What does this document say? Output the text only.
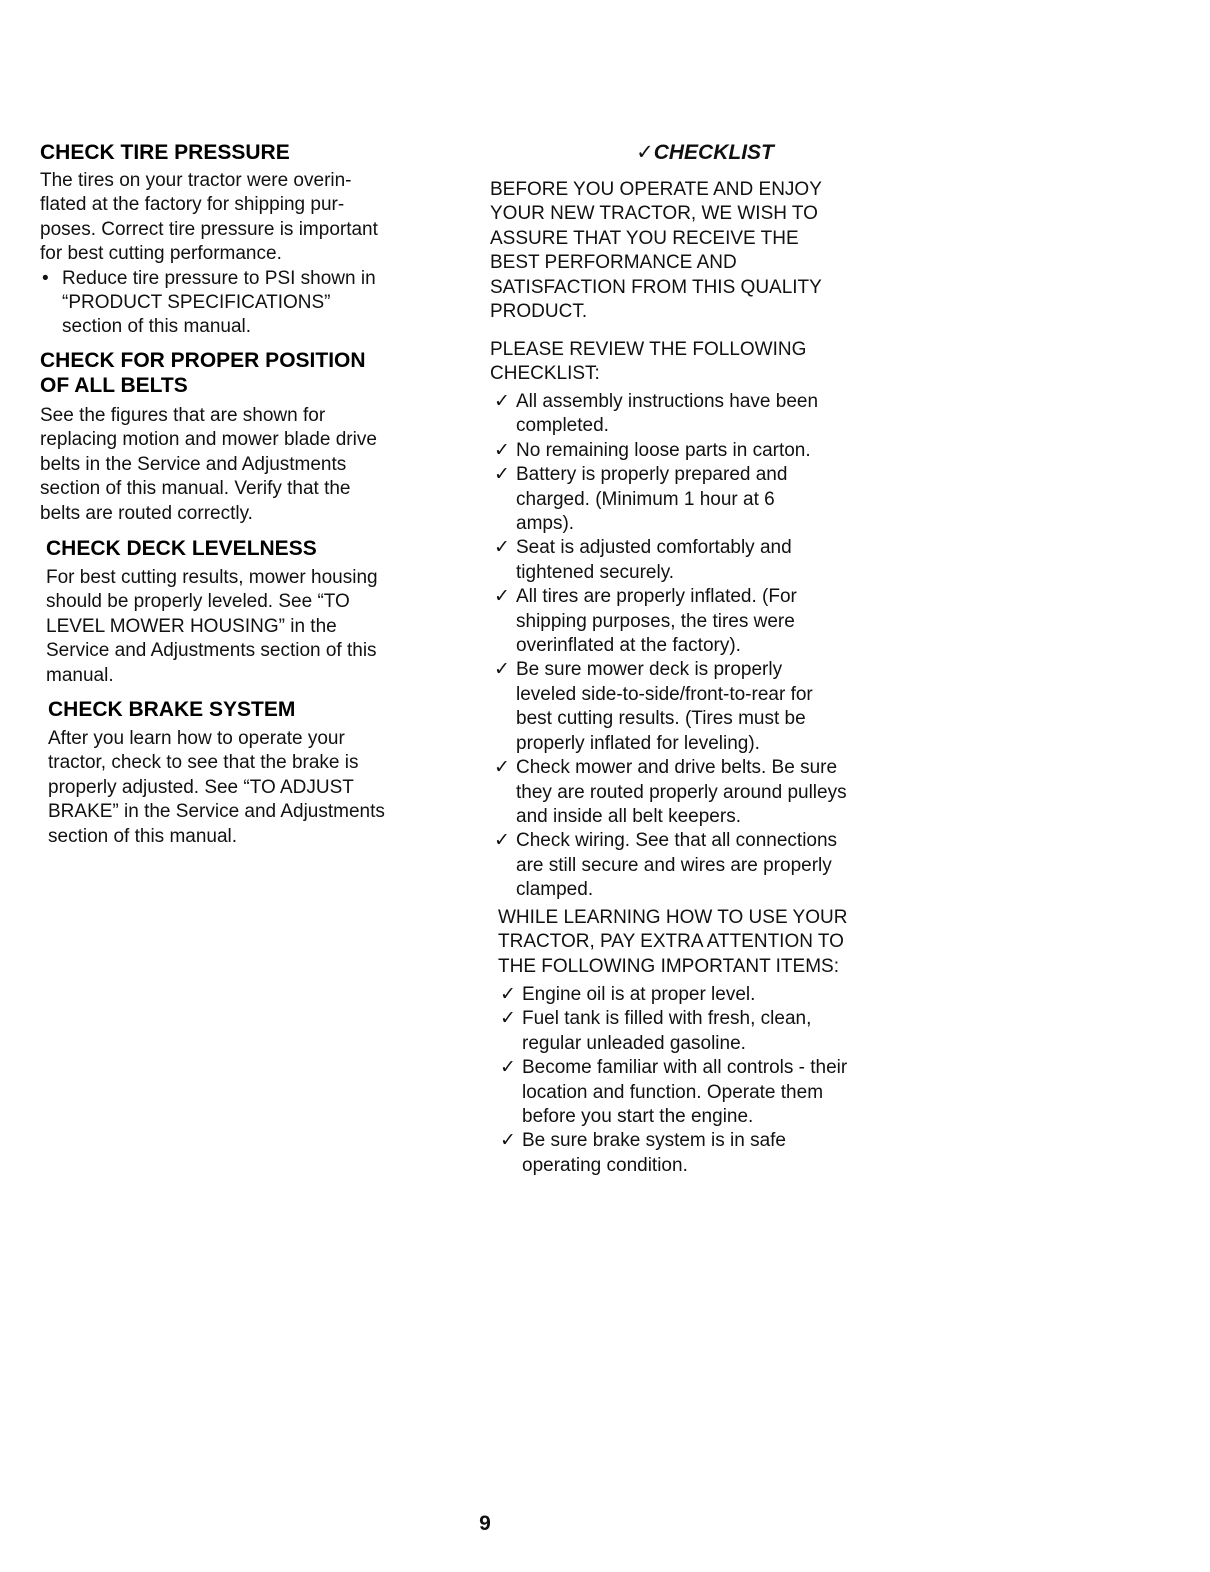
CHECK TIRE PRESSURE
The tires on your tractor were overin-
flated at the factory for shipping pur-
poses. Correct tire pressure is important
for best cutting performance.
• Reduce tire pressure to PSI shown in
“PRODUCT SPECIFICATIONS”
section of this manual.
CHECK FOR PROPER POSITION
OF ALL BELTS
See the figures that are shown for
replacing motion and mower blade drive
belts in the Service and Adjustments
section of this manual. Verify that the
belts are routed correctly.
CHECK DECK LEVELNESS
For best cutting results, mower housing
should be properly leveled. See “TO
LEVEL MOWER HOUSING” in the
Service and Adjustments section of this
manual.
CHECK BRAKE SYSTEM
After you learn how to operate your
tractor, check to see that the brake is
properly adjusted. See “TO ADJUST
BRAKE” in the Service and Adjustments
section of this manual.
✓CHECKLIST
BEFORE YOU OPERATE AND ENJOY
YOUR NEW TRACTOR, WE WISH TO
ASSURE THAT YOU RECEIVE THE
BEST PERFORMANCE AND
SATISFACTION FROM THIS QUALITY
PRODUCT.
PLEASE REVIEW THE FOLLOWING
CHECKLIST:
✓ All assembly instructions have been
completed.
✓ No remaining loose parts in carton.
✓ Battery is properly prepared and
charged. (Minimum 1 hour at 6
amps).
✓ Seat is adjusted comfortably and
tightened securely.
✓ All tires are properly inflated. (For
shipping purposes, the tires were
overinflated at the factory).
✓ Be sure mower deck is properly
leveled side-to-side/front-to-rear for
best cutting results. (Tires must be
properly inflated for leveling).
✓ Check mower and drive belts. Be sure
they are routed properly around pulleys
and inside all belt keepers.
✓ Check wiring. See that all connections
are still secure and wires are properly
clamped.
WHILE LEARNING HOW TO USE YOUR
TRACTOR, PAY EXTRA ATTENTION TO
THE FOLLOWING IMPORTANT ITEMS:
✓ Engine oil is at proper level.
✓ Fuel tank is filled with fresh, clean,
regular unleaded gasoline.
✓ Become familiar with all controls - their
location and function. Operate them
before you start the engine.
✓ Be sure brake system is in safe
operating condition.
9
